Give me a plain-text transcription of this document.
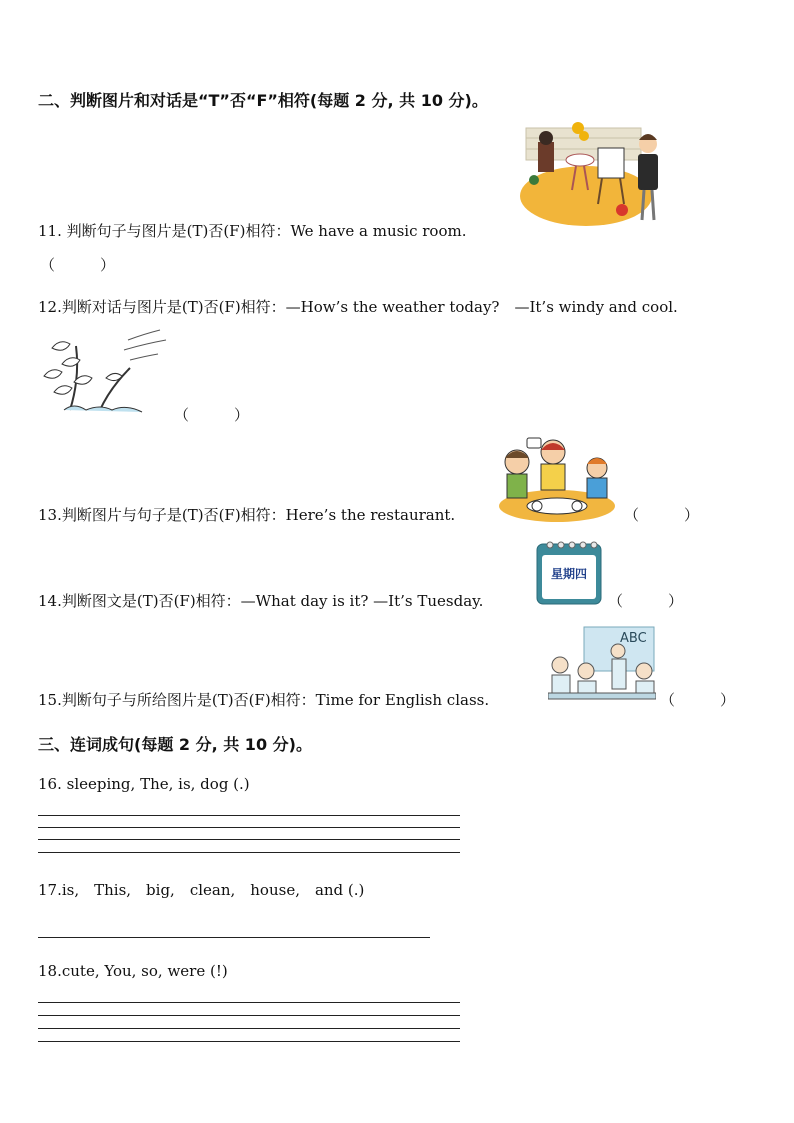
二、判断图片和对话是“T”否“F”相符(每题 2 分, 共 10 分)。
11. 判断句子与图片是(T)否(F)相符：We have a music room.
（　　　）
12.判断对话与图片是(T)否(F)相符：—How’s the weather today?　—It’s windy and cool.
（　　　）
13.判断图片与句子是(T)否(F)相符：Here’s the restaurant.	（　　　）
星期四
14.判断图文是(T)否(F)相符：—What day is it? —It’s Tuesday.	（　　　）
ABC
15.判断句子与所给图片是(T)否(F)相符：Time for English class.	（　　　）
三、连词成句(每题 2 分, 共 10 分)。
16. sleeping, The, is, dog (.)
17.is,　This,　big,　clean,　house,　and (.)
18.cute, You, so, were (!)
